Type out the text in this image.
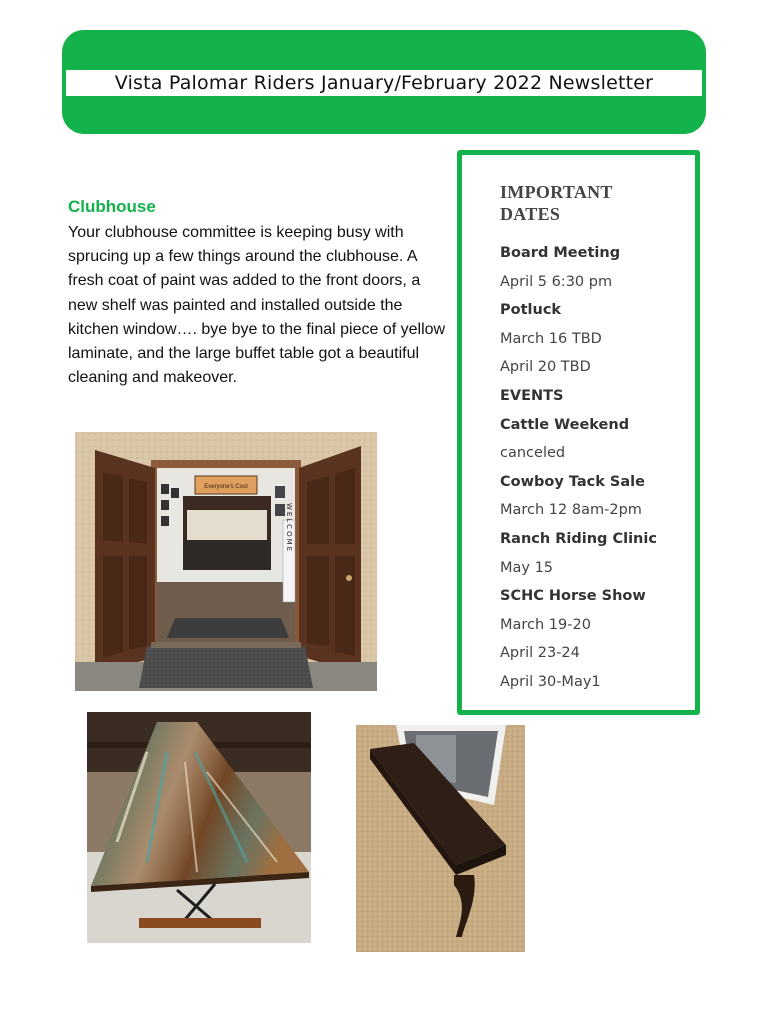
Vista Palomar Riders January/February 2022 Newsletter
Clubhouse

Your clubhouse committee is keeping busy with sprucing up a few things around the clubhouse. A fresh coat of paint was added to the front doors, a new shelf was painted and installed outside the kitchen window…. bye bye to the final piece of yellow laminate, and the large buffet table got a beautiful cleaning and makeover.

IMPORTANT DATES
Board Meeting
April 5 6:30 pm
Potluck
March 16 TBD
April 20 TBD
EVENTS
Cattle Weekend
canceled
Cowboy Tack Sale
March 12 8am-2pm
Ranch Riding Clinic
May 15
SCHC Horse Show
March 19-20
April 23-24
April 30-May1
Everyone's Cool
WELCOME
